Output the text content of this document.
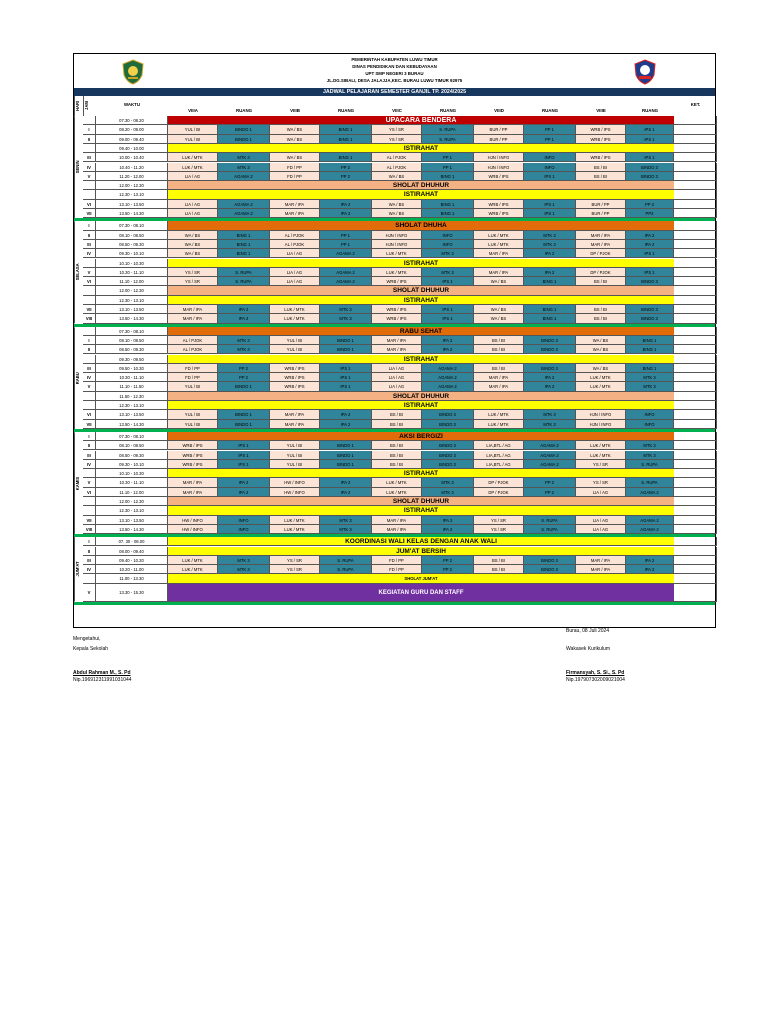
PEMERINTAH KABUPATEN LUWU TIMUR
DINAS PENDIDIKAN DAN KEBUDAYAAN
UPT SMP NEGERI 3 BURAU
JL.DG.SIBALI, DESA JALAJJA,KEC. BURAU LUWU TIMUR 92975
JADWAL PELAJARAN SEMESTER GANJIL TP. 2024/2025
HARI JAM	WAKTU	KET.
VIIIA	RUANG	VIIIB	RUANG	VIIIC	RUANG	VIIID	RUANG	VIIIE	RUANG
07.30 - 08.20	UPACARA BENDERA
I	08.20 - 09.00	YUL / BI	BINDO 1	WA / BS	BING 1	YS / SR	S. RUPA	BUR / PP	PP 1	WRB / IPS	IPS 1
II	09.00 - 09.40	YUL / BI	BINDO 1	WA / BS	BING 1	YS / SR	S. RUPA	BUR / PP	PP 1	WRB / IPS	IPS 1
09.40 - 10.00	ISTIRAHAT
III	10.00 - 10.40	LUK / MTK	MTK 3	WA / BS	BING 1	AL / PJOK	PP 1	HJN / INFO	INFO	WRB / IPS	IPS 1
IV	10.40 - 11.20	LUK / MTK	MTK 3	FD / PP	PP 2	AL / PJOK	PP 1	HJN / INFO	INFO	BS / BI	BINDO 3
V	11.20 - 12.00	LIA / AG	AGAMA 2	FD / PP	PP 2	WA / BS	BING 1	WRB / IPS	IPS 1	BS / BI	BINDO 3
12.00 - 12.30	SHOLAT DHUHUR
12.30 - 13.10	ISTIRAHAT
VI	13.10 - 13.50	LIA / AG	AGAMA 2	MAR / IPA	IPA 2	WA / BS	BING 1	WRB / IPS	IPS 1	BUR / PP	PP 2
VII	13.50 - 14.30	LIA / AG	AGAMA 2	MAR / IPA	IPA 2	WA / BS	BING 1	WRB / IPS	IPS 1	BUR / PP	PP2
SENIN
I	07.30 - 08.10	SHOLAT DHUHA
II	08.10 - 08.50	WA / BS	BING 1	AL / PJOK	PP 1	HJN / INFO	INFO	LUK / MTK	MTK 3	MAR / IPA	IPA 2
III	08.50 - 09.30	WA / BS	BING 1	AL / PJOK	PP 1	HJN / INFO	INFO	LUK / MTK	MTK 3	MAR / IPA	IPA 2
IV	09.30 - 10.10	WA / BS	BING 1	LIA / AG	AGAMA 2	LUK / MTK	MTK 3	MAR / IPA	IPA 2	DP / PJOK	IPS 1
10.10 - 10.30	ISTIRAHAT
V	10.30 - 11.10	YS / SR	S. RUPA	LIA / AG	AGAMA 2	LUK / MTK	MTK 3	MAR / IPA	IPA 2	DP / PJOK	IPS 1
VI	11.10 - 12.00	YS / SR	S. RUPA	LIA / AG	AGAMA 2	WRB / IPS	IPS 1	WA / BS	BING 1	BS / BI	BINDO 3
12.00 - 12.30	SHOLAT DHUHUR
12.30 - 13.10	ISTIRAHAT
VII	13.10 - 13.50	MAR / IPA	IPA 2	LUK / MTK	MTK 3	WRB / IPS	IPS 1	WA / BS	BING 1	BS / BI	BINDO 3
VIII	13.50 - 14.30	MAR / IPA	IPA 2	LUK / MTK	MTK 3	WRB / IPS	IPS 1	WA / BS	BING 1	BS / BI	BINDO 3
SELASA
07.30 - 08.10	RABU SEHAT
I	08.10 - 08.50	AL / PJOK	MTK 3	YUL / BI	BINDO 1	MAR / IPA	IPA 2	BS / BI	BINDO 3	WA / BS	BING 1
II	08.50 - 09.30	AL / PJOK	MTK 3	YUL / BI	BINDO 1	MAR / IPA	IPA 2	BS / BI	BINDO 3	WA / BS	BING 1
09.30 - 09.50	ISTIRAHAT
III	09.50 - 10.30	FD / PP	PP 2	WRB / IPS	IPS 1	LIA / AG	AGAMA 2	BS / BI	BINDO 3	WA / BS	BING 1
IV	10.30 - 11.10	FD / PP	PP 2	WRB / IPS	IPS 1	LIA / AG	AGAMA 2	MAR / IPA	IPA 2	LUK / MTK	MTK 3
V	11.10 - 11.50	YUL / BI	BINDO 1	WRB / IPS	IPS 1	LIA / AG	AGAMA 2	MAR / IPA	IPA 2	LUK / MTK	MTK 3
11.50 - 12.30	SHOLAT DHUHUR
12.30 - 13.10	ISTIRAHAT
VI	13.10 - 13.50	YUL / BI	BINDO 1	MAR / IPA	IPA 2	BS / BI	BINDO 3	LUK / MTK	MTK 3	HJN / INFO	INFO
VII	13.50 - 14.30	YUL / BI	BINDO 1	MAR / IPA	IPA 2	BS / BI	BINDO 3	LUK / MTK	MTK 3	HJN / INFO	INFO
RABU
I	07.30 - 08.10	AKSI BERGIZI
II	08.10 - 08.50	WRB / IPS	IPS 1	YUL / BI	BINDO 1	BS / BI	BINDO 3	LIA,BTL / AG	AGAMA 2	LUK / MTK	MTK 3
III	08.50 - 09.30	WRB / IPS	IPS 1	YUL / BI	BINDO 1	BS / BI	BINDO 3	LIA,BTL / AG	AGAMA 2	LUK / MTK	MTK 3
IV	09.30 - 10.10	WRB / IPS	IPS 1	YUL / BI	BINDO 1	BS / BI	BINDO 3	LIA,BTL / AG	AGAMA 2	YS / SR	S. RUPA
10.10 - 10.30	ISTIRAHAT
V	10.30 - 11.10	MAR / IPA	IPA 2	HW / INFO	IPA 2	LUK / MTK	MTK 3	DP / PJOK	PP 2	YS / SR	S. RUPA
VI	11.10 - 12.00	MAR / IPA	IPA 2	HW / INFO	IPA 2	LUK / MTK	MTK 3	DP / PJOK	PP 2	LIA / AG	AGAMA 2
12.00 - 12.30	SHOLAT DHUHUR
12.30 - 13.10	ISTIRAHAT
VII	13.10 - 13.50	HW / INFO	INFO	LUK / MTK	MTK 3	MAR / IPA	IPA 2	YS / SR	S. RUPA	LIA / AG	AGAMA 2
VIII	13.50 - 14.30	HW / INFO	INFO	LUK / MTK	MTK 3	MAR / IPA	IPA 2	YS / SR	S. RUPA	LIA / AG	AGAMA 2
KAMIS
I	07. 30 - 08.00	KOORDINASI WALI KELAS DENGAN ANAK WALI
II	08.00 - 09.40	JUM'AT BERSIH
III	09.40 - 10.20	LUK / MTK	MTK 3	YS / SR	S. RUPA	FD / PP	PP 2	BS / BI	BINDO 3	MAR / IPA	IPA 2
IV	10.20 - 11.00	LUK / MTK	MTK 3	YS / SR	S. RUPA	FD / PP	PP 2	BS / BI	BINDO 3	MAR / IPA	IPA 2
11.00 - 13.30	SHOLAT JUM'AT
V	13.30 - 15.30	KEGIATAN GURU DAN STAFF
JUM'AT
Mengetahui,
Kepala Sekolah
Abdul Rahman M., S. Pd
Nip.196912311991031044
Burau, 08 Juli 2024
Wakasek Kurikulum
Firmansyah, S. Si., S. Pd
Nip.197907302009021004
